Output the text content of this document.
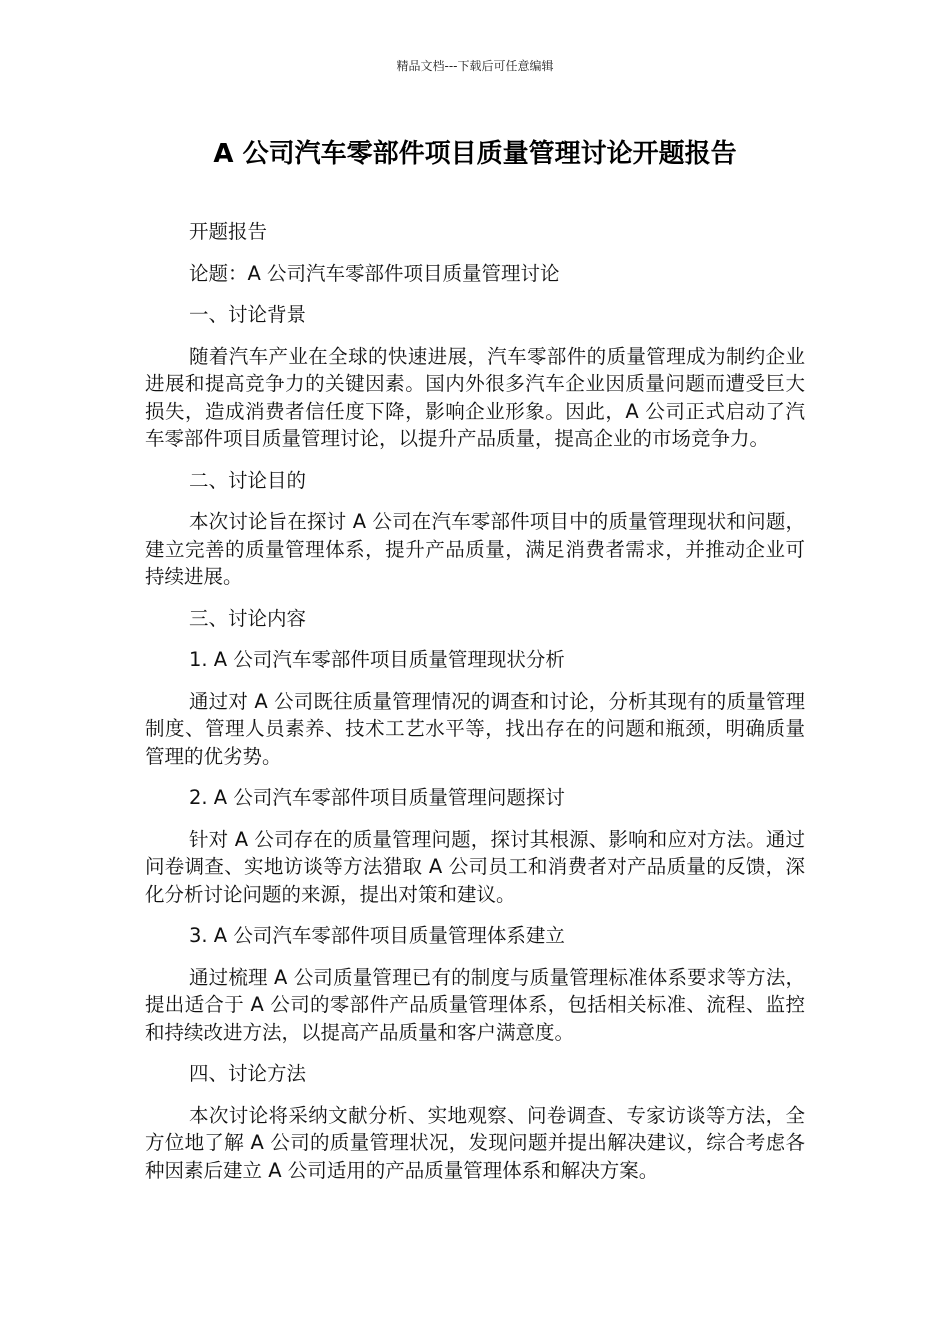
精品文档---下载后可任意编辑
A 公司汽车零部件项目质量管理讨论开题报告

开题报告

论题：A 公司汽车零部件项目质量管理讨论

一、讨论背景

随着汽车产业在全球的快速进展，汽车零部件的质量管理成为制约企业进展和提高竞争力的关键因素。国内外很多汽车企业因质量问题而遭受巨大损失，造成消费者信任度下降，影响企业形象。因此，A 公司正式启动了汽车零部件项目质量管理讨论，以提升产品质量，提高企业的市场竞争力。

二、讨论目的

本次讨论旨在探讨 A 公司在汽车零部件项目中的质量管理现状和问题，建立完善的质量管理体系，提升产品质量，满足消费者需求，并推动企业可持续进展。

三、讨论内容

1. A 公司汽车零部件项目质量管理现状分析

通过对 A 公司既往质量管理情况的调查和讨论，分析其现有的质量管理制度、管理人员素养、技术工艺水平等，找出存在的问题和瓶颈，明确质量管理的优劣势。

2. A 公司汽车零部件项目质量管理问题探讨

针对 A 公司存在的质量管理问题，探讨其根源、影响和应对方法。通过问卷调查、实地访谈等方法猎取 A 公司员工和消费者对产品质量的反馈，深化分析讨论问题的来源，提出对策和建议。

3. A 公司汽车零部件项目质量管理体系建立

通过梳理 A 公司质量管理已有的制度与质量管理标准体系要求等方法，提出适合于 A 公司的零部件产品质量管理体系，包括相关标准、流程、监控和持续改进方法，以提高产品质量和客户满意度。

四、讨论方法

本次讨论将采纳文献分析、实地观察、问卷调查、专家访谈等方法，全方位地了解 A 公司的质量管理状况，发现问题并提出解决建议，综合考虑各种因素后建立 A 公司适用的产品质量管理体系和解决方案。
